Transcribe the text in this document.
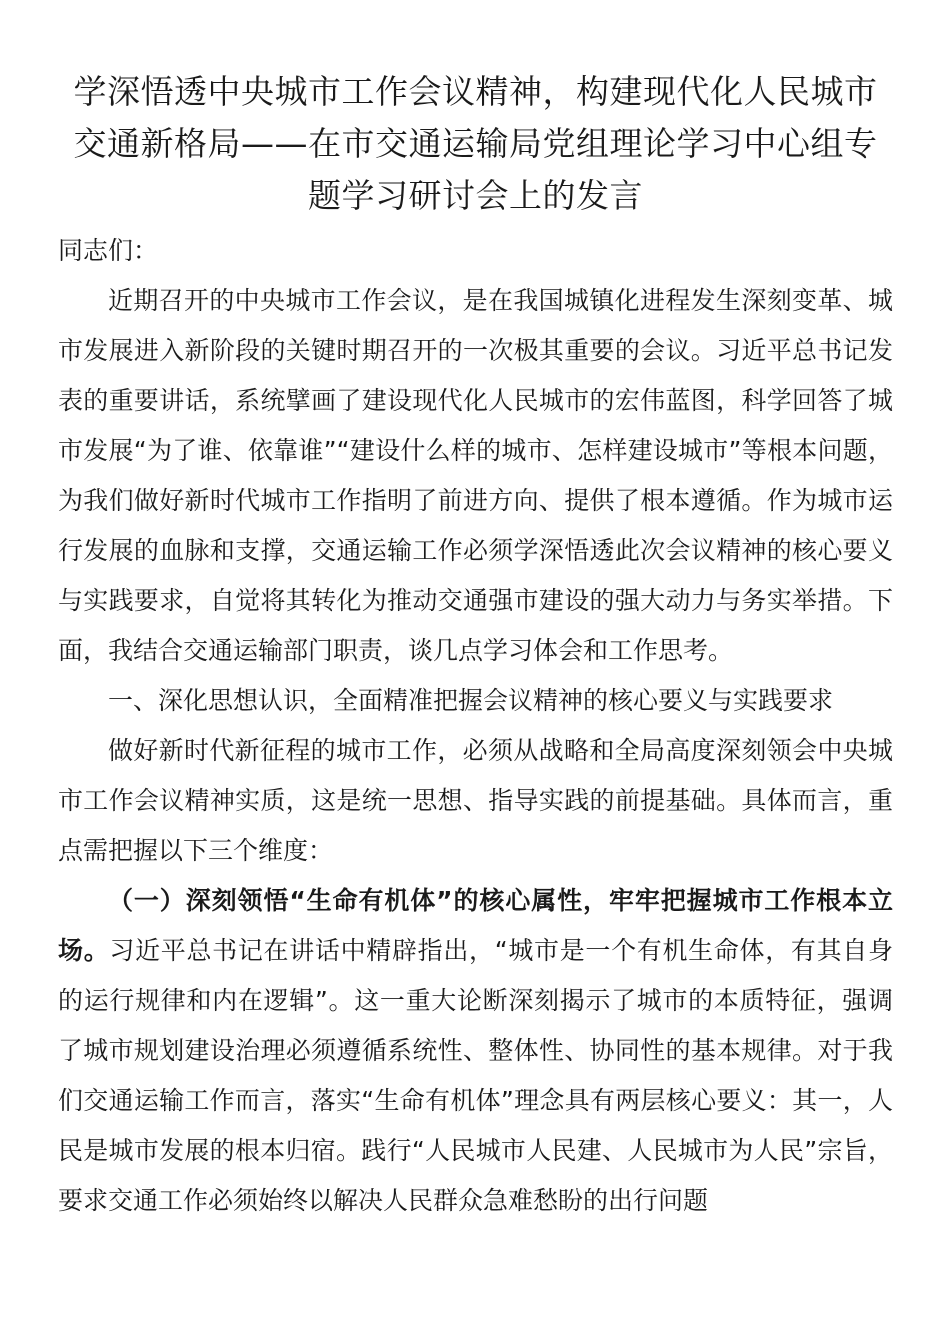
学深悟透中央城市工作会议精神，构建现代化人民城市交通新格局——在市交通运输局党组理论学习中心组专题学习研讨会上的发言

同志们：

近期召开的中央城市工作会议，是在我国城镇化进程发生深刻变革、城市发展进入新阶段的关键时期召开的一次极其重要的会议。习近平总书记发表的重要讲话，系统擘画了建设现代化人民城市的宏伟蓝图，科学回答了城市发展“为了谁、依靠谁”“建设什么样的城市、怎样建设城市”等根本问题，为我们做好新时代城市工作指明了前进方向、提供了根本遵循。作为城市运行发展的血脉和支撑，交通运输工作必须学深悟透此次会议精神的核心要义与实践要求，自觉将其转化为推动交通强市建设的强大动力与务实举措。下面，我结合交通运输部门职责，谈几点学习体会和工作思考。

一、深化思想认识，全面精准把握会议精神的核心要义与实践要求

做好新时代新征程的城市工作，必须从战略和全局高度深刻领会中央城市工作会议精神实质，这是统一思想、指导实践的前提基础。具体而言，重点需把握以下三个维度：

（一）深刻领悟“生命有机体”的核心属性，牢牢把握城市工作根本立场。习近平总书记在讲话中精辟指出，“城市是一个有机生命体，有其自身的运行规律和内在逻辑”。这一重大论断深刻揭示了城市的本质特征，强调了城市规划建设治理必须遵循系统性、整体性、协同性的基本规律。对于我们交通运输工作而言，落实“生命有机体”理念具有两层核心要义：其一，人民是城市发展的根本归宿。践行“人民城市人民建、人民城市为人民”宗旨，要求交通工作必须始终以解决人民群众急难愁盼的出行问题
